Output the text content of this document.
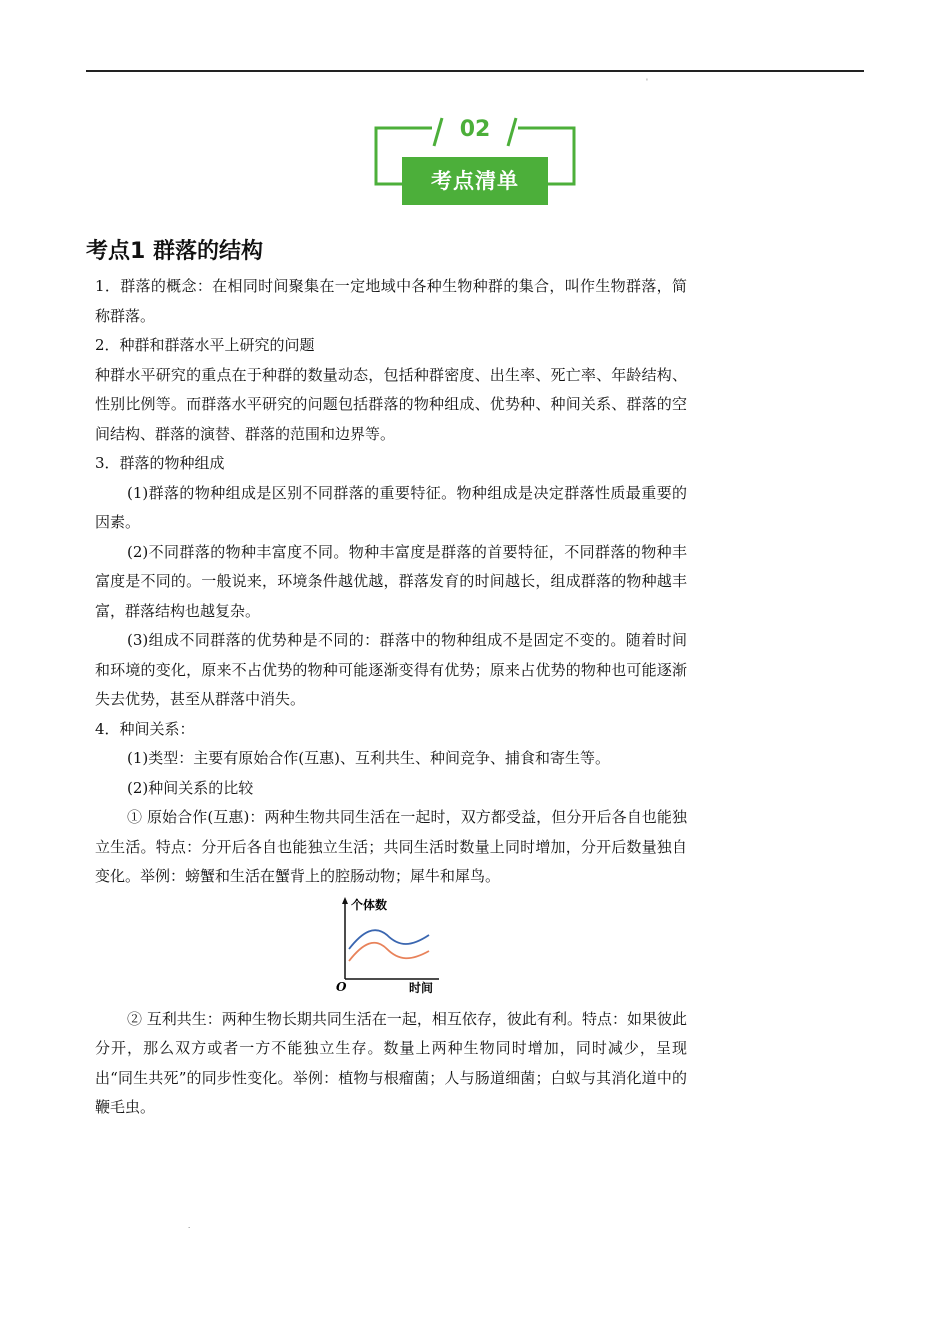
'
02
考点清单
考点1 群落的结构

1．群落的概念：在相同时间聚集在一定地域中各种生物种群的集合，叫作生物群落，简称群落。

2．种群和群落水平上研究的问题

种群水平研究的重点在于种群的数量动态，包括种群密度、出生率、死亡率、年龄结构、性别比例等。而群落水平研究的问题包括群落的物种组成、优势种、种间关系、群落的空间结构、群落的演替、群落的范围和边界等。

3．群落的物种组成

(1)群落的物种组成是区别不同群落的重要特征。物种组成是决定群落性质最重要的因素。

(2)不同群落的物种丰富度不同。物种丰富度是群落的首要特征，不同群落的物种丰富度是不同的。一般说来，环境条件越优越，群落发育的时间越长，组成群落的物种越丰富，群落结构也越复杂。

(3)组成不同群落的优势种是不同的：群落中的物种组成不是固定不变的。随着时间和环境的变化，原来不占优势的物种可能逐渐变得有优势；原来占优势的物种也可能逐渐失去优势，甚至从群落中消失。

4．种间关系：

(1)类型：主要有原始合作(互惠)、互利共生、种间竞争、捕食和寄生等。

(2)种间关系的比较

① 原始合作(互惠)：两种生物共同生活在一起时，双方都受益，但分开后各自也能独立生活。特点：分开后各自也能独立生活；共同生活时数量上同时增加，分开后数量独自变化。举例：螃蟹和生活在蟹背上的腔肠动物；犀牛和犀鸟。

个体数
O	时间

② 互利共生：两种生物长期共同生活在一起，相互依存，彼此有利。特点：如果彼此分开，那么双方或者一方不能独立生存。数量上两种生物同时增加，同时减少，呈现出“同生共死”的同步性变化。举例：植物与根瘤菌；人与肠道细菌；白蚁与其消化道中的鞭毛虫。

.
